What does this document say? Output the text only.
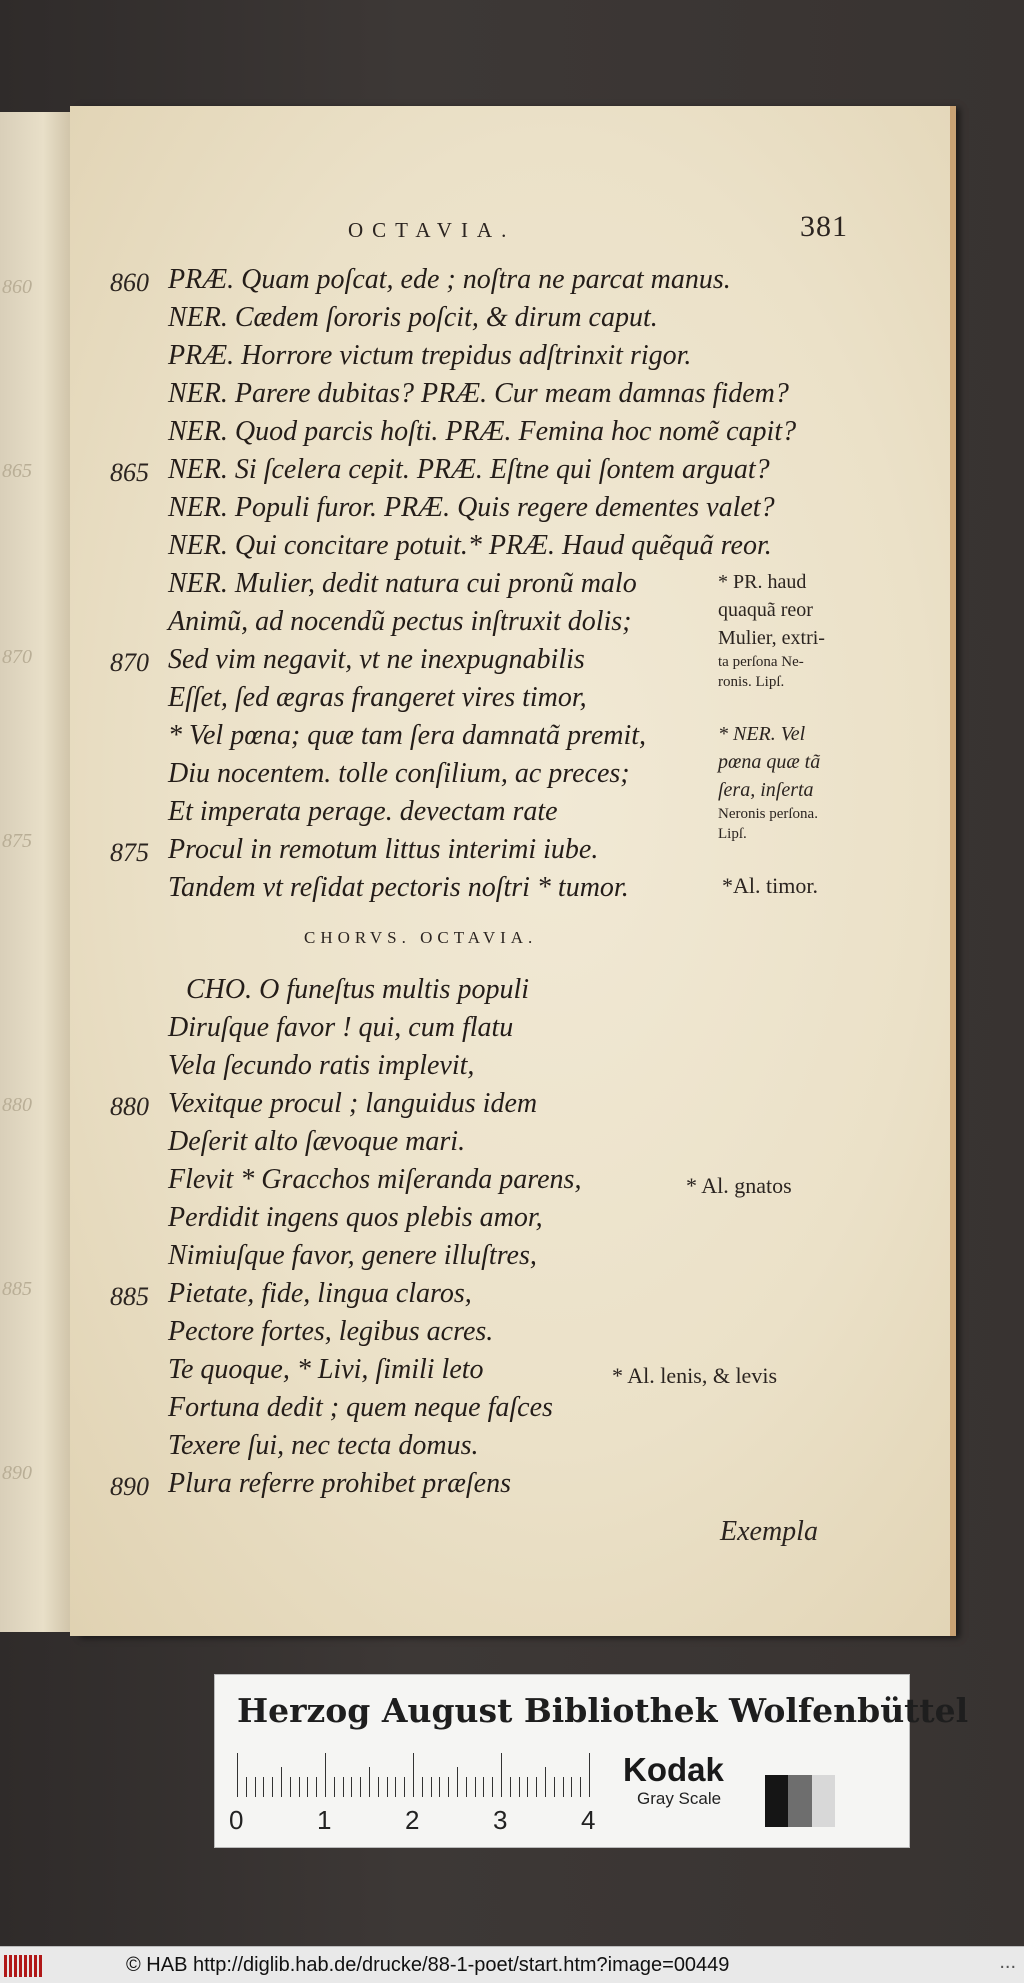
860
865
870
875
880
885
890
OCTAVIA.	381
860 PRÆ. Quam poſcat, ede ; noſtra ne parcat manus.
NER. Cædem ſororis poſcit, & dirum caput.
PRÆ. Horrore victum trepidus adſtrinxit rigor.
NER. Parere dubitas? PRÆ. Cur meam damnas fidem?
NER. Quod parcis hoſti. PRÆ. Femina hoc nomẽ capit?
865 NER. Si ſcelera cepit. PRÆ. Eſtne qui ſontem arguat?
NER. Populi furor. PRÆ. Quis regere dementes valet?
NER. Qui concitare potuit.* PRÆ. Haud quẽquã reor.
NER. Mulier, dedit natura cui pronũ malo
Animũ, ad nocendũ pectus inſtruxit dolis;
870 Sed vim negavit, vt ne inexpugnabilis
Eſſet, ſed ægras frangeret vires timor,
* Vel pœna; quæ tam ſera damnatã premit,
Diu nocentem. tolle conſilium, ac preces;
Et imperata perage. devectam rate
875 Procul in remotum littus interimi iube.
Tandem vt reſidat pectoris noſtri * tumor.
* PR. haud
quaquã reor
Mulier, extri-
ta perſona Ne-
ronis. Lipſ.
* NER. Vel
pœna quæ tã
ſera, inſerta
Neronis perſona.
Lipſ.
*Al. timor.
CHORVS. OCTAVIA.
CHO. O funeſtus multis populi
Diruſque favor ! qui, cum flatu
Vela ſecundo ratis implevit,
880 Vexitque procul ; languidus idem
Deſerit alto ſævoque mari.
Flevit * Gracchos miſeranda parens,
Perdidit ingens quos plebis amor,
Nimiuſque favor, genere illuſtres,
885 Pietate, fide, lingua claros,
Pectore fortes, legibus acres.
Te quoque, * Livi, ſimili leto
Fortuna dedit ; quem neque faſces
Texere ſui, nec tecta domus.
890 Plura referre prohibet præſens
* Al. gnatos
* Al. lenis, & levis
Exempla
Herzog August Bibliothek Wolfenbüttel
0	1	2	3	4
Kodak
Gray Scale
© HAB http://diglib.hab.de/drucke/88-1-poet/start.htm?image=00449	...
